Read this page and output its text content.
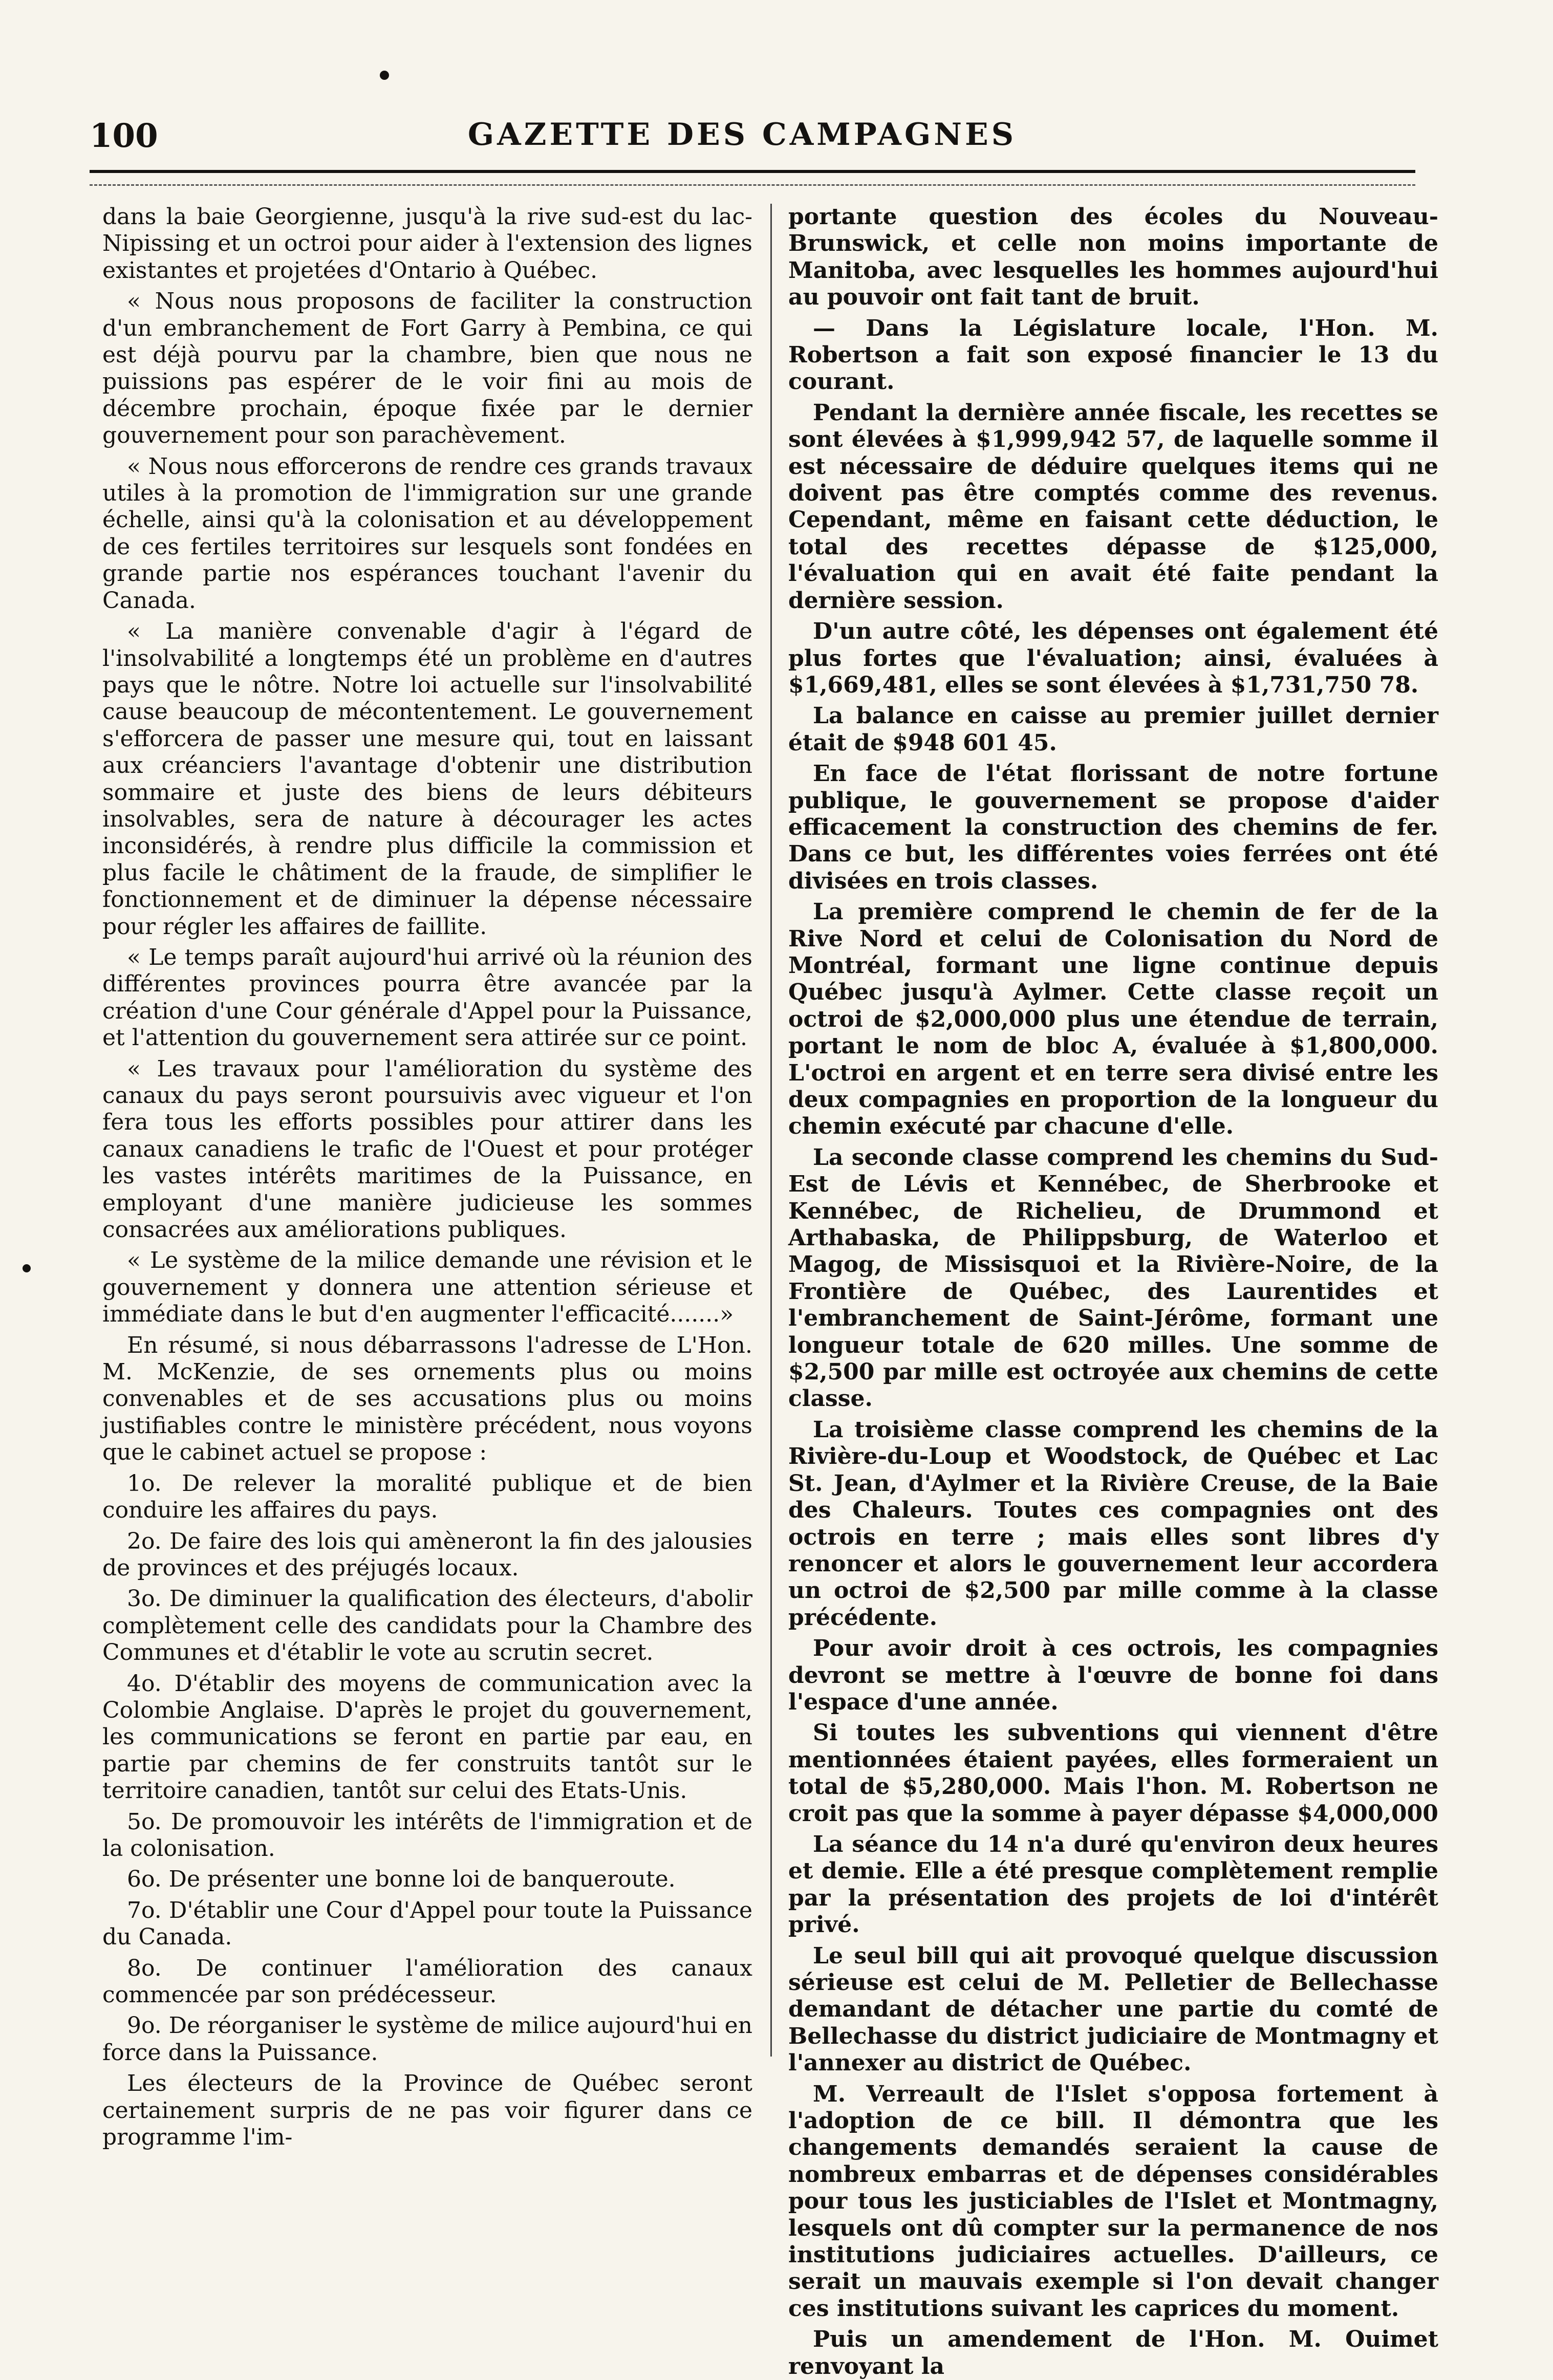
100	GAZETTE DES CAMPAGNES

dans la baie Georgienne, jusqu'à la rive sud-est du lac-Nipissing et un octroi pour aider à l'extension des lignes existantes et projetées d'Ontario à Québec.

« Nous nous proposons de faciliter la construction d'un embranchement de Fort Garry à Pembina, ce qui est déjà pourvu par la chambre, bien que nous ne puissions pas espérer de le voir fini au mois de décembre prochain, époque fixée par le dernier gouvernement pour son parachèvement.

« Nous nous efforcerons de rendre ces grands travaux utiles à la promotion de l'immigration sur une grande échelle, ainsi qu'à la colonisation et au développement de ces fertiles territoires sur lesquels sont fondées en grande partie nos espérances touchant l'avenir du Canada.

« La manière convenable d'agir à l'égard de l'insolvabilité a longtemps été un problème en d'autres pays que le nôtre. Notre loi actuelle sur l'insolvabilité cause beaucoup de mécontentement. Le gouvernement s'efforcera de passer une mesure qui, tout en laissant aux créanciers l'avantage d'obtenir une distribution sommaire et juste des biens de leurs débiteurs insolvables, sera de nature à décourager les actes inconsidérés, à rendre plus difficile la commission et plus facile le châtiment de la fraude, de simplifier le fonctionnement et de diminuer la dépense nécessaire pour régler les affaires de faillite.

« Le temps paraît aujourd'hui arrivé où la réunion des différentes provinces pourra être avancée par la création d'une Cour générale d'Appel pour la Puissance, et l'attention du gouvernement sera attirée sur ce point.

« Les travaux pour l'amélioration du système des canaux du pays seront poursuivis avec vigueur et l'on fera tous les efforts possibles pour attirer dans les canaux canadiens le trafic de l'Ouest et pour protéger les vastes intérêts maritimes de la Puissance, en employant d'une manière judicieuse les sommes consacrées aux améliorations publiques.

« Le système de la milice demande une révision et le gouvernement y donnera une attention sérieuse et immédiate dans le but d'en augmenter l'efficacité.......»

En résumé, si nous débarrassons l'adresse de L'Hon. M. McKenzie, de ses ornements plus ou moins convenables et de ses accusations plus ou moins justifiables contre le ministère précédent, nous voyons que le cabinet actuel se propose :

1o. De relever la moralité publique et de bien conduire les affaires du pays.

2o. De faire des lois qui amèneront la fin des jalousies de provinces et des préjugés locaux.

3o. De diminuer la qualification des électeurs, d'abolir complètement celle des candidats pour la Chambre des Communes et d'établir le vote au scrutin secret.

4o. D'établir des moyens de communication avec la Colombie Anglaise. D'après le projet du gouvernement, les communications se feront en partie par eau, en partie par chemins de fer construits tantôt sur le territoire canadien, tantôt sur celui des Etats-Unis.

5o. De promouvoir les intérêts de l'immigration et de la colonisation.

6o. De présenter une bonne loi de banqueroute.

7o. D'établir une Cour d'Appel pour toute la Puissance du Canada.

8o. De continuer l'amélioration des canaux commencée par son prédécesseur.

9o. De réorganiser le système de milice aujourd'hui en force dans la Puissance.

Les électeurs de la Province de Québec seront certainement surpris de ne pas voir figurer dans ce programme l'im-

portante question des écoles du Nouveau-Brunswick, et celle non moins importante de Manitoba, avec lesquelles les hommes aujourd'hui au pouvoir ont fait tant de bruit.

— Dans la Législature locale, l'Hon. M. Robertson a fait son exposé financier le 13 du courant.

Pendant la dernière année fiscale, les recettes se sont élevées à $1,999,942 57, de laquelle somme il est nécessaire de déduire quelques items qui ne doivent pas être comptés comme des revenus. Cependant, même en faisant cette déduction, le total des recettes dépasse de $125,000, l'évaluation qui en avait été faite pendant la dernière session.

D'un autre côté, les dépenses ont également été plus fortes que l'évaluation; ainsi, évaluées à $1,669,481, elles se sont élevées à $1,731,750 78.

La balance en caisse au premier juillet dernier était de $948 601 45.

En face de l'état florissant de notre fortune publique, le gouvernement se propose d'aider efficacement la construction des chemins de fer. Dans ce but, les différentes voies ferrées ont été divisées en trois classes.

La première comprend le chemin de fer de la Rive Nord et celui de Colonisation du Nord de Montréal, formant une ligne continue depuis Québec jusqu'à Aylmer. Cette classe reçoit un octroi de $2,000,000 plus une étendue de terrain, portant le nom de bloc A, évaluée à $1,800,000. L'octroi en argent et en terre sera divisé entre les deux compagnies en proportion de la longueur du chemin exécuté par chacune d'elle.

La seconde classe comprend les chemins du Sud-Est de Lévis et Kennébec, de Sherbrooke et Kennébec, de Richelieu, de Drummond et Arthabaska, de Philippsburg, de Waterloo et Magog, de Missisquoi et la Rivière-Noire, de la Frontière de Québec, des Laurentides et l'embranchement de Saint-Jérôme, formant une longueur totale de 620 milles. Une somme de $2,500 par mille est octroyée aux chemins de cette classe.

La troisième classe comprend les chemins de la Rivière-du-Loup et Woodstock, de Québec et Lac St. Jean, d'Aylmer et la Rivière Creuse, de la Baie des Chaleurs. Toutes ces compagnies ont des octrois en terre ; mais elles sont libres d'y renoncer et alors le gouvernement leur accordera un octroi de $2,500 par mille comme à la classe précédente.

Pour avoir droit à ces octrois, les compagnies devront se mettre à l'œuvre de bonne foi dans l'espace d'une année.

Si toutes les subventions qui viennent d'être mentionnées étaient payées, elles formeraient un total de $5,280,000. Mais l'hon. M. Robertson ne croit pas que la somme à payer dépasse $4,000,000

La séance du 14 n'a duré qu'environ deux heures et demie. Elle a été presque complètement remplie par la présentation des projets de loi d'intérêt privé.

Le seul bill qui ait provoqué quelque discussion sérieuse est celui de M. Pelletier de Bellechasse demandant de détacher une partie du comté de Bellechasse du district judiciaire de Montmagny et l'annexer au district de Québec.

M. Verreault de l'Islet s'opposa fortement à l'adoption de ce bill. Il démontra que les changements demandés seraient la cause de nombreux embarras et de dépenses considérables pour tous les justiciables de l'Islet et Montmagny, lesquels ont dû compter sur la permanence de nos institutions judiciaires actuelles. D'ailleurs, ce serait un mauvais exemple si l'on devait changer ces institutions suivant les caprices du moment.

Puis un amendement de l'Hon. M. Ouimet renvoyant la
